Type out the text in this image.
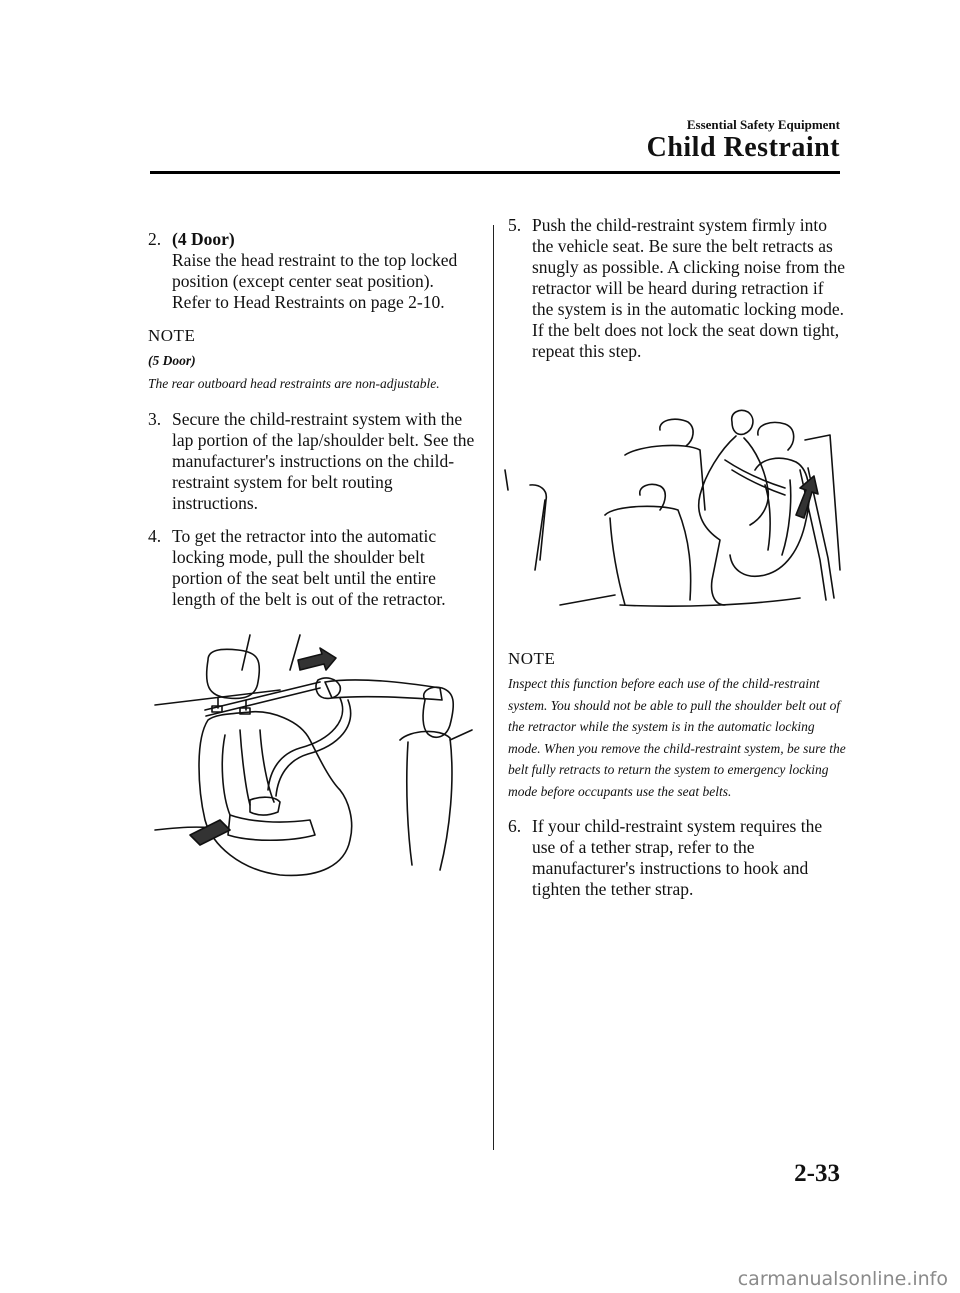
Essential Safety Equipment
Child Restraint
2. (4 Door)
Raise the head restraint to the top locked position (except center seat position).
Refer to Head Restraints on page 2-10.
NOTE
(5 Door)
The rear outboard head restraints are non-adjustable.
3. Secure the child-restraint system with the lap portion of the lap/shoulder belt. See the manufacturer's instructions on the child-restraint system for belt routing instructions.
4. To get the retractor into the automatic locking mode, pull the shoulder belt portion of the seat belt until the entire length of the belt is out of the retractor.
5. Push the child-restraint system firmly into the vehicle seat. Be sure the belt retracts as snugly as possible. A clicking noise from the retractor will be heard during retraction if the system is in the automatic locking mode. If the belt does not lock the seat down tight, repeat this step.
NOTE
Inspect this function before each use of the child-restraint system. You should not be able to pull the shoulder belt out of the retractor while the system is in the automatic locking mode. When you remove the child-restraint system, be sure the belt fully retracts to return the system to emergency locking mode before occupants use the seat belts.
6. If your child-restraint system requires the use of a tether strap, refer to the manufacturer's instructions to hook and tighten the tether strap.
2-33
carmanualsonline.info
